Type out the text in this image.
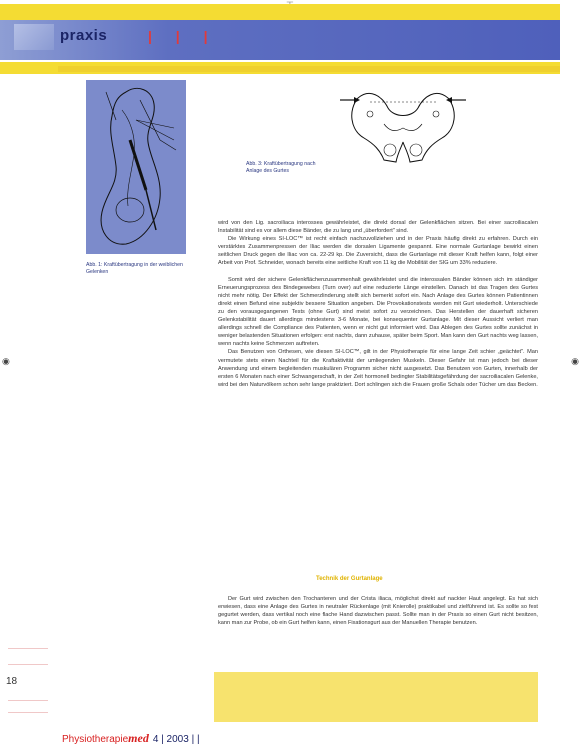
◉	◉
praxis	| | |
18
Abb. 1: Kraftübertragung in der weiblichen Gelenken
Abb. 3: Kraftübertragung nach Anlage des Gurtes

wird von den Lig. sacroiliaca interossea gewährleistet, die direkt dorsal der Gelenkflächen sitzen. Bei einer sacroiliacalen Instabilität sind es vor allem diese Bänder, die zu lang und „überfordert" sind.

Die Wirkung eines SI-LOC™ ist recht einfach nachzuvollziehen und in der Praxis häufig direkt zu erfahren. Durch ein verstärktes Zusammenpressen der Iliac werden die dorsalen Ligamente gespannt. Eine normale Gurtanlage bewirkt einen seitlichen Druck gegen die Iliac von ca. 22-29 kp. Die Zuversicht, dass die Gurtanlage mit dieser Kraft helfen kann, folgt einer Arbeit von Prof. Schneider, wonach bereits eine seitliche Kraft von 11 kg die Mobilität der SIG um 33% reduziere.

Somit wird der sichere Gelenkflächenzusammenhalt gewährleistet und die interossalen Bänder können sich im ständiger Erneuerungsprozess des Bindegewebes (Turn over) auf eine reduzierte Länge einstellen. Danach ist das Tragen des Gurtes nicht mehr nötig. Der Effekt der Schmerzlinderung stellt sich bemerkt sofort ein. Nach Anlage des Gurtes können Patientinnen direkt einen Befund eine subjektiv bessere Situation angeben. Die Provokationstests werden mit Gurt wiederholt. Unterschiede zu den vorausgegangenen Tests (ohne Gurt) sind meist sofort zu verzeichnen. Das Herstellen der dauerhaft sicheren Gelenkstabilität dauert allerdings mindestens 3-6 Monate, bei konsequenter Gurtanlage. Mit dieser Aussicht verliert man allerdings schnell die Compliance des Patienten, wenn er nicht gut informiert wird. Das Ablegen des Gurtes sollte zunächst in weniger belastenden Situationen erfolgen: erst nachts, dann zuhause, später beim Sport. Man kann den Gurt nachts weg lassen, wenn nachts keine Schmerzen auftreten.

Das Benutzen von Orthesen, wie diesen SI-LOC™, gilt in der Physiotherapie für eine lange Zeit schier „geächtet". Man vermutete stets einen Nachteil für die Kraftaktivität der umliegenden Muskeln. Dieser Gefahr ist man jedoch bei dieser Anwendung und einem begleitenden muskulären Programm sicher nicht ausgesetzt. Das Benutzen von Gurten, innerhalb der ersten 6 Monaten nach einer Schwangerschaft, in der Zeit hormonell bedingter Stabilitätsgefährdung der sacroiliacalen Gelenke, wird bei den Naturvölkern schon sehr lange praktiziert. Dort schlingen sich die Frauen große Schals oder Tücher um das Becken.

Technik der Gurtanlage

Der Gurt wird zwischen den Trochanteren und der Crista iliaca, möglichst direkt auf nackter Haut angelegt. Es hat sich erwiesen, dass eine Anlage des Gurtes in neutraler Rückenlage (mit Knierolle) praktikabel und zielführend ist. Es sollte so fest gegurtet werden, dass vertikal noch eine flache Hand dazwischen passt. Sollte man in der Praxis so einen Gurt nicht besitzen, kann man zur Probe, ob ein Gurt helfen kann, einen Fixationsgurt aus der Manuellen Therapie benutzen.

Physiotherapiemed 4 | 2003 | |
